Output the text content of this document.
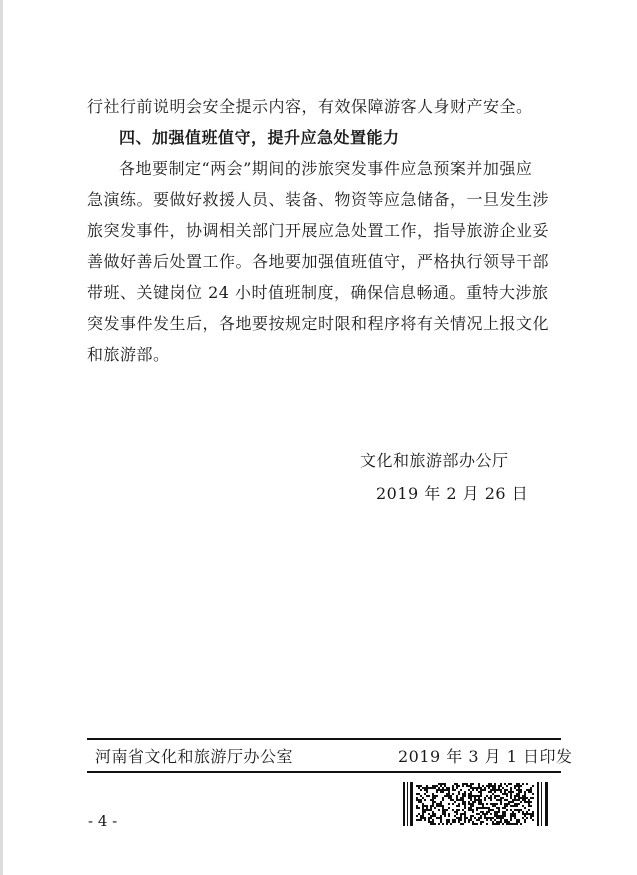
行社行前说明会安全提示内容，有效保障游客人身财产安全。
四、加强值班值守，提升应急处置能力
各地要制定“两会”期间的涉旅突发事件应急预案并加强应
急演练。要做好救援人员、装备、物资等应急储备，一旦发生涉
旅突发事件，协调相关部门开展应急处置工作，指导旅游企业妥
善做好善后处置工作。各地要加强值班值守，严格执行领导干部
带班、关键岗位 24 小时值班制度，确保信息畅通。重特大涉旅
突发事件发生后，各地要按规定时限和程序将有关情况上报文化
和旅游部。
文化和旅游部办公厅
2019 年 2 月 26 日
河南省文化和旅游厅办公室	2019 年 3 月 1 日印发
- 4 -
